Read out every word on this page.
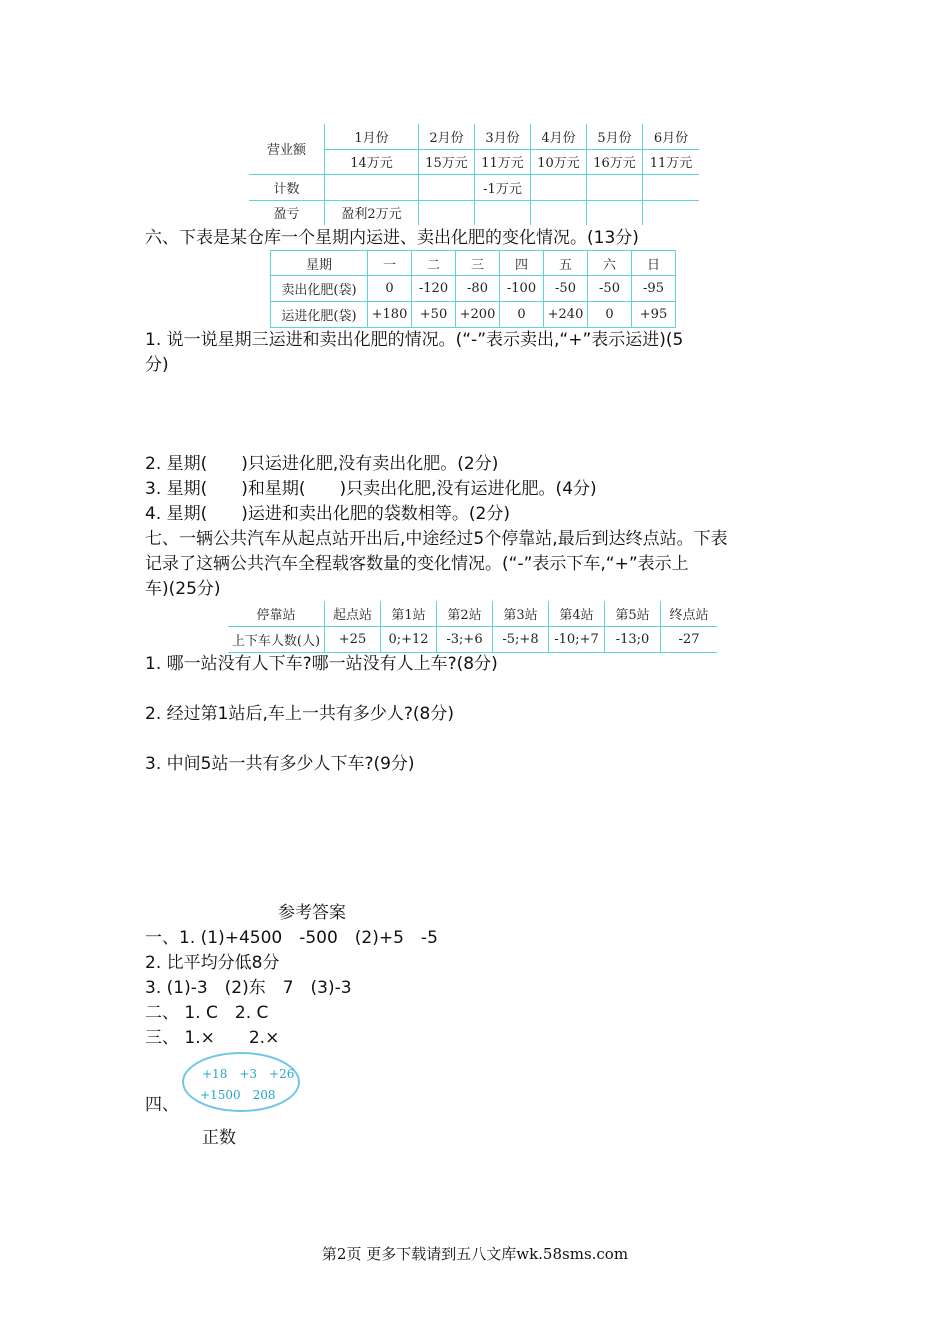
营业额	1月份	2月份	3月份	4月份	5月份	6月份
	14万元	15万元	11万元	10万元	16万元	11万元
计数			-1万元			
盈亏	盈利2万元					
六、下表是某仓库一个星期内运进、卖出化肥的变化情况。(13分)
星期	一	二	三	四	五	六	日
卖出化肥(袋)	0	-120	-80	-100	-50	-50	-95
运进化肥(袋)	+180	+50	+200	0	+240	0	+95
1. 说一说星期三运进和卖出化肥的情况。(“-”表示卖出,“+”表示运进)(5
分)
2. 星期(　　)只运进化肥,没有卖出化肥。(2分)
3. 星期(　　)和星期(　　)只卖出化肥,没有运进化肥。(4分)
4. 星期(　　)运进和卖出化肥的袋数相等。(2分)
七、一辆公共汽车从起点站开出后,中途经过5个停靠站,最后到达终点站。下表
记录了这辆公共汽车全程载客数量的变化情况。(“-”表示下车,“+”表示上
车)(25分)
停靠站	起点站	第1站	第2站	第3站	第4站	第5站	终点站
上下车人数(人)	+25	0;+12	-3;+6	-5;+8	-10;+7	-13;0	-27
1. 哪一站没有人下车?哪一站没有人上车?(8分)
2. 经过第1站后,车上一共有多少人?(8分)
3. 中间5站一共有多少人下车?(9分)
参考答案
一、1. (1)+4500　-500　(2)+5　-5
2. 比平均分低8分
3. (1)-3　(2)东　7　(3)-3
二、 1. C　2. C
三、 1.×　　2.×
+18　+3　+26
+1500　208
四、
正数
第2页 更多下载请到五八文库wk.58sms.com
